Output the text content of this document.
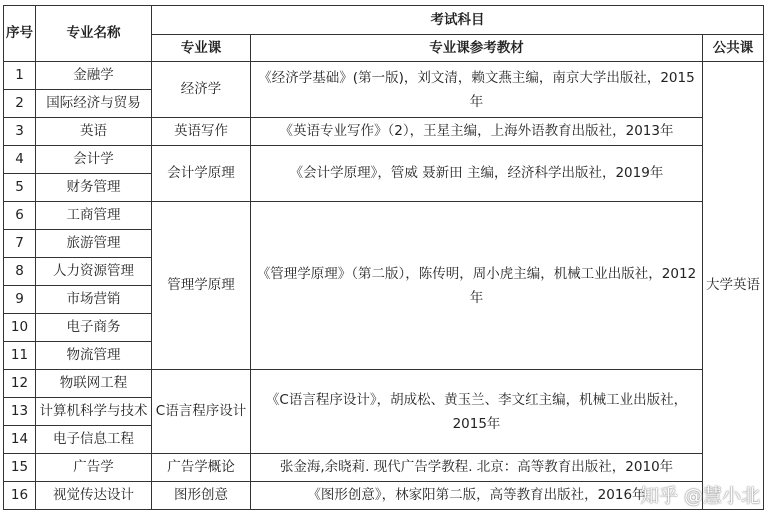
序号	专业名称	考试科目		
		专业课	专业课参考教材	公共课
1	金融学	经济学	《经济学基础》(第一版)，刘文清，赖文燕主编，南京大学出版社，2015年	大学英语
2	国际经济与贸易			
3	英语	英语写作	《英语专业写作》（2），王星主编，上海外语教育出版社，2013年	
4	会计学	会计学原理	《会计学原理》，管威 聂新田 主编，经济科学出版社，2019年	
5	财务管理			
6	工商管理	管理学原理	《管理学原理》（第二版），陈传明，周小虎主编，机械工业出版社，2012年	
7	旅游管理			
8	人力资源管理			
9	市场营销			
10	电子商务			
11	物流管理			
12	物联网工程	C语言程序设计	《C语言程序设计》，胡成松、黄玉兰、李文红主编，机械工业出版社，2015年	
13	计算机科学与技术			
14	电子信息工程			
15	广告学	广告学概论	张金海,余晓莉. 现代广告学教程. 北京：高等教育出版社，2010年	
16	视觉传达设计	图形创意	《图形创意》，林家阳第二版，高等教育出版社，2016年	
知乎 @慧小北
